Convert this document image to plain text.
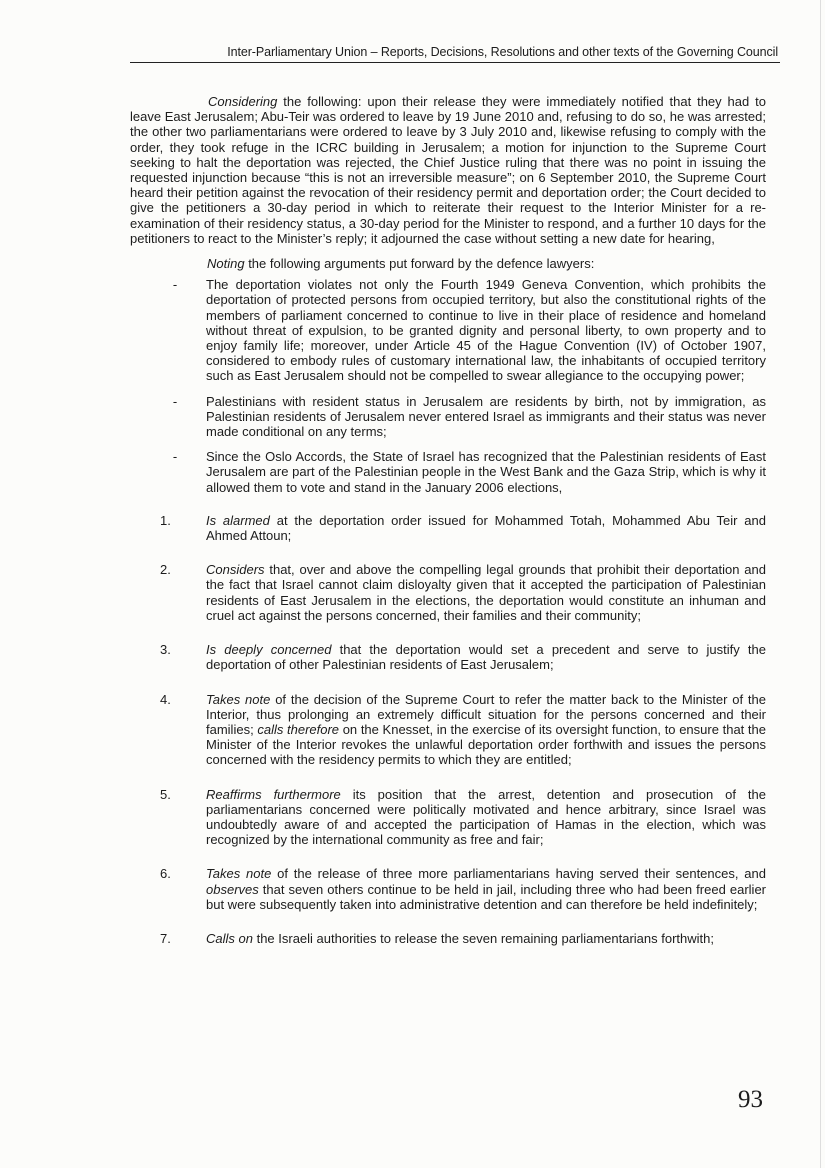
Inter-Parliamentary Union – Reports, Decisions, Resolutions and other texts of the Governing Council

Considering the following: upon their release they were immediately notified that they had to leave East Jerusalem; Abu-Teir was ordered to leave by 19 June 2010 and, refusing to do so, he was arrested; the other two parliamentarians were ordered to leave by 3 July 2010 and, likewise refusing to comply with the order, they took refuge in the ICRC building in Jerusalem; a motion for injunction to the Supreme Court seeking to halt the deportation was rejected, the Chief Justice ruling that there was no point in issuing the requested injunction because “this is not an irreversible measure”; on 6 September 2010, the Supreme Court heard their petition against the revocation of their residency permit and deportation order; the Court decided to give the petitioners a 30-day period in which to reiterate their request to the Interior Minister for a re-examination of their residency status, a 30-day period for the Minister to respond, and a further 10 days for the petitioners to react to the Minister’s reply; it adjourned the case without setting a new date for hearing,

Noting the following arguments put forward by the defence lawyers:

-	The deportation violates not only the Fourth 1949 Geneva Convention, which prohibits the deportation of protected persons from occupied territory, but also the constitutional rights of the members of parliament concerned to continue to live in their place of residence and homeland without threat of expulsion, to be granted dignity and personal liberty, to own property and to enjoy family life; moreover, under Article 45 of the Hague Convention (IV) of October 1907, considered to embody rules of customary international law, the inhabitants of occupied territory such as East Jerusalem should not be compelled to swear allegiance to the occupying power;
-	Palestinians with resident status in Jerusalem are residents by birth, not by immigration, as Palestinian residents of Jerusalem never entered Israel as immigrants and their status was never made conditional on any terms;
-	Since the Oslo Accords, the State of Israel has recognized that the Palestinian residents of East Jerusalem are part of the Palestinian people in the West Bank and the Gaza Strip, which is why it allowed them to vote and stand in the January 2006 elections,
1.	Is alarmed at the deportation order issued for Mohammed Totah, Mohammed Abu Teir and Ahmed Attoun;
2.	Considers that, over and above the compelling legal grounds that prohibit their deportation and the fact that Israel cannot claim disloyalty given that it accepted the participation of Palestinian residents of East Jerusalem in the elections, the deportation would constitute an inhuman and cruel act against the persons concerned, their families and their community;
3.	Is deeply concerned that the deportation would set a precedent and serve to justify the deportation of other Palestinian residents of East Jerusalem;
4.	Takes note of the decision of the Supreme Court to refer the matter back to the Minister of the Interior, thus prolonging an extremely difficult situation for the persons concerned and their families; calls therefore on the Knesset, in the exercise of its oversight function, to ensure that the Minister of the Interior revokes the unlawful deportation order forthwith and issues the persons concerned with the residency permits to which they are entitled;
5.	Reaffirms furthermore its position that the arrest, detention and prosecution of the parliamentarians concerned were politically motivated and hence arbitrary, since Israel was undoubtedly aware of and accepted the participation of Hamas in the election, which was recognized by the international community as free and fair;
6.	Takes note of the release of three more parliamentarians having served their sentences, and observes that seven others continue to be held in jail, including three who had been freed earlier but were subsequently taken into administrative detention and can therefore be held indefinitely;
7.	Calls on the Israeli authorities to release the seven remaining parliamentarians forthwith;
93
